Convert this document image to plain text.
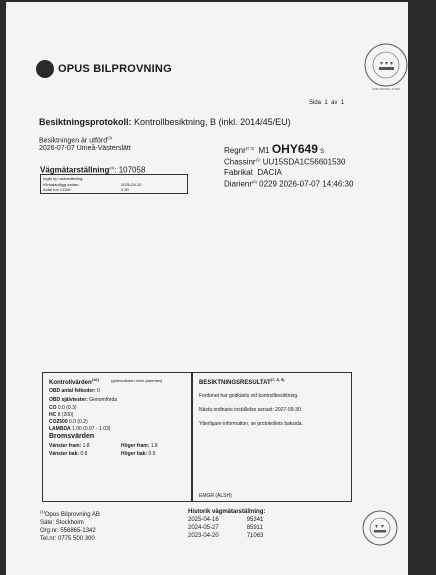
OPUS BILPROVNING
1049 ISO/IEC 17020
Sida 1 av 1
Besiktningsprotokoll: Kontrollbesiktning, B (inkl. 2014/45/EU)
Besiktningen är utförd$^{(3)}$
2026-07-07 Umeå-Västerslätt
Vägmätarställning$^{(4)}$: 107058
Ingår ej i ackreditering:
Klimatanlägg eedan:	2025-04-10
Antal ton CO2e:	1.30
Regnr$^{(2,5)}$ M1 OHY649 S
Chassinr$^{(1)}$ UU15SDA1C56601530
Fabrikat DACIA
Diarienr$^{(6)}$ 0229 2026-07-07 14:46:30
Kontrollvärden$^{(16)}$	(gränsvärden inom parentes)
OBD antal felkoder: 0
OBD självtester: Genomförda
CO 0.0 (0.3)
HC 8 (200)
CO2500 0.0 (0.2)
LAMBDA 1.00 (0.97 - 1.03)
Bromsvärden
Vänster fram: 1.8	Höger fram: 1.8
Vänster bak: 0.8	Höger bak: 0.9
BESIKTNINGSRESULTAT$^{(7, 8, 9)}$
Fordonet har godkänts vid kontrollbesiktning.
Nästa ordinarie inställelse senast: 2027-09-30.
Ytterligare information, se protokollets baksida.
EMGR (ALSH)
$^{(1)}$Opus Bilprovning AB
Säte: Stockholm
Org.nr: 556865-1342
Tel.nr: 0775 500 300
Historik vägmätarställning:
2025-04-16	95341
2024-05-27	85911
2023-04-20	71063
